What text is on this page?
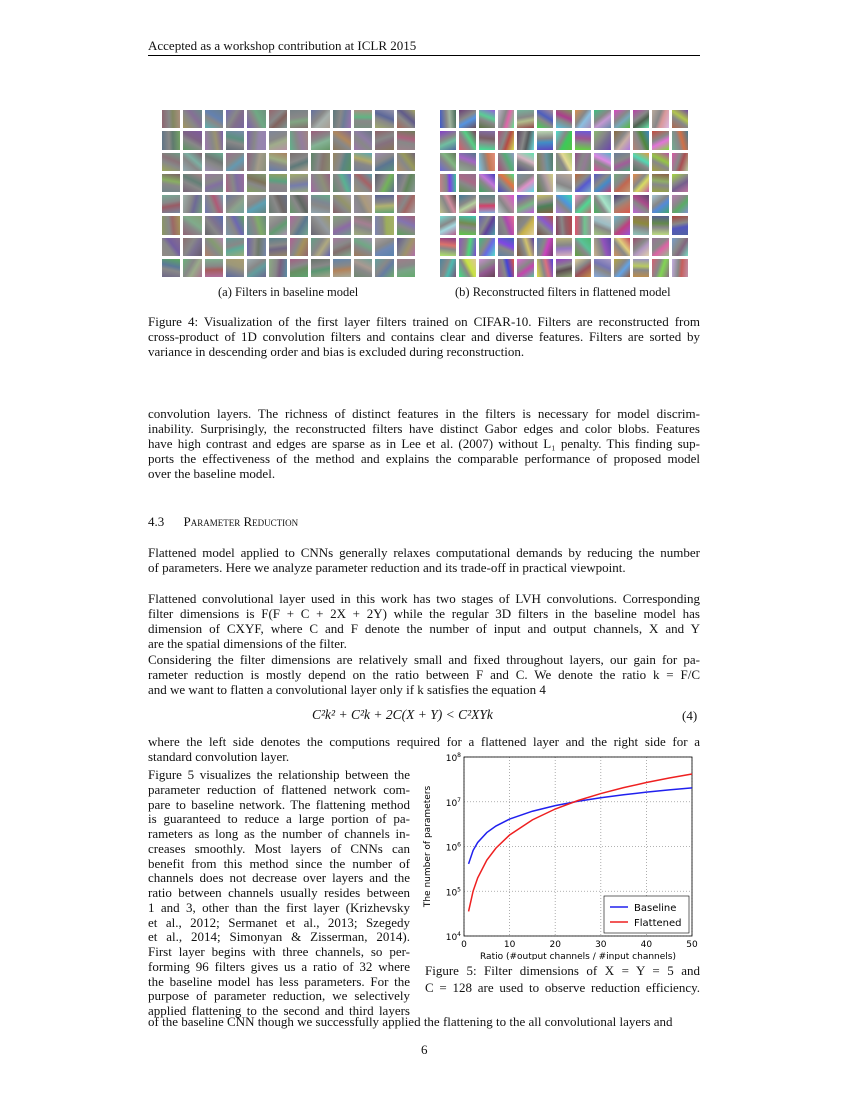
Accepted as a workshop contribution at ICLR 2015
(a) Filters in baseline model	(b) Reconstructed filters in flattened model
Figure 4: Visualization of the first layer filters trained on CIFAR-10. Filters are reconstructed from
cross-product of 1D convolution filters and contains clear and diverse features. Filters are sorted by
variance in descending order and bias is excluded during reconstruction.
convolution layers. The richness of distinct features in the filters is necessary for model discrim-
inability. Surprisingly, the reconstructed filters have distinct Gabor edges and color blobs. Features
have high contrast and edges are sparse as in Lee et al. (2007) without L₁ penalty. This finding sup-
ports the effectiveness of the method and explains the comparable performance of proposed model
over the baseline model.
4.3 Parameter Reduction
Flattened model applied to CNNs generally relaxes computational demands by reducing the number
of parameters. Here we analyze parameter reduction and its trade-off in practical viewpoint.
Flattened convolutional layer used in this work has two stages of LVH convolutions. Corresponding
filter dimensions is F(F + C + 2X + 2Y) while the regular 3D filters in the baseline model has
dimension of CXYF, where C and F denote the number of input and output channels, X and Y
are the spatial dimensions of the filter.
Considering the filter dimensions are relatively small and fixed throughout layers, our gain for pa-
rameter reduction is mostly depend on the ratio between F and C. We denote the ratio k = F/C
and we want to flatten a convolutional layer only if k satisfies the equation 4
C²k² + C²k + 2C(X + Y) < C²XYk	(4)
where the left side denotes the computions required for a flattened layer and the right side for a
standard convolution layer.
Figure 5 visualizes the relationship between the
parameter reduction of flattened network com-
pare to baseline network. The flattening method
is guaranteed to reduce a large portion of pa-
rameters as long as the number of channels in-
creases smoothly. Most layers of CNNs can
benefit from this method since the number of
channels does not decrease over layers and the
ratio between channels usually resides between
1 and 3, other than the first layer (Krizhevsky
et al., 2012; Sermanet et al., 2013; Szegedy
et al., 2014; Simonyan & Zisserman, 2014).
First layer begins with three channels, so per-
forming 96 filters gives us a ratio of 32 where
the baseline model has less parameters. For the
purpose of parameter reduction, we selectively
applied flattening to the second and third layers
of the baseline CNN though we successfully applied the flattening to the all convolutional layers and
0	10	20	30	40	50
$10^4$
$10^5$
$10^6$
$10^7$
$10^8$
Ratio (#output channels / #input channels)
The number of parameters
Baseline
Flattened
Figure 5: Filter dimensions of X = Y = 5 and
C = 128 are used to observe reduction efficiency.
6
